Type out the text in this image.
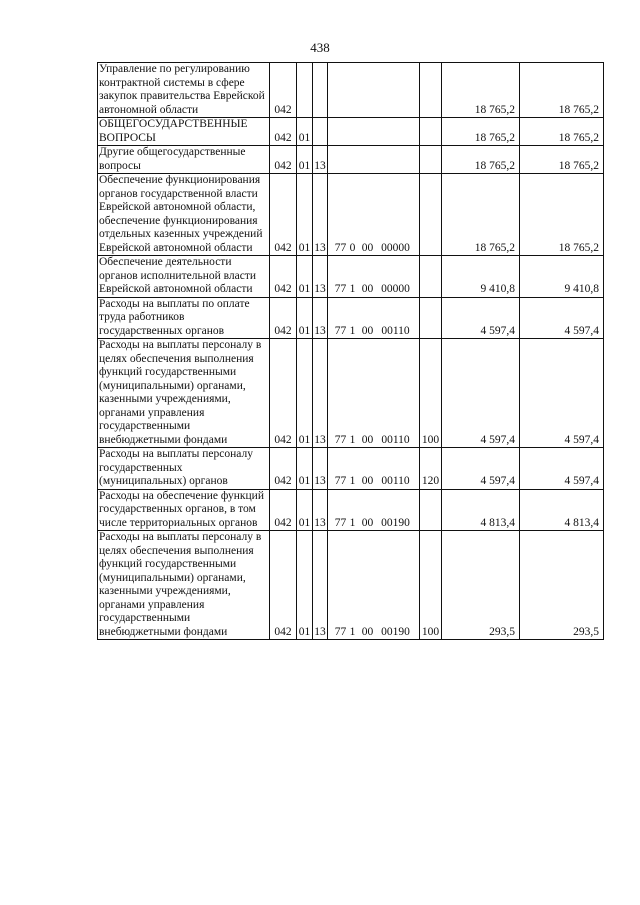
438
Управление по регулированию контрактной системы в сфере закупок правительства Еврейской автономной области	042					18 765,2	18 765,2
ОБЩЕГОСУДАРСТВЕННЫЕ ВОПРОСЫ	042	01				18 765,2	18 765,2
Другие общегосударственные вопросы	042	01	13			18 765,2	18 765,2
Обеспечение функционирования органов государственной власти Еврейской автономной области, обеспечение функционирования отдельных казенных учреждений Еврейской автономной области	042	01	13	77 0 00 00000		18 765,2	18 765,2
Обеспечение деятельности органов исполнительной власти Еврейской автономной области	042	01	13	77 1 00 00000		9 410,8	9 410,8
Расходы на выплаты по оплате труда работников государственных органов	042	01	13	77 1 00 00110		4 597,4	4 597,4
Расходы на выплаты персоналу в целях обеспечения выполнения функций государственными (муниципальными) органами, казенными учреждениями, органами управления государственными внебюджетными фондами	042	01	13	77 1 00 00110	100	4 597,4	4 597,4
Расходы на выплаты персоналу государственных (муниципальных) органов	042	01	13	77 1 00 00110	120	4 597,4	4 597,4
Расходы на обеспечение функций государственных органов, в том числе территориальных органов	042	01	13	77 1 00 00190		4 813,4	4 813,4
Расходы на выплаты персоналу в целях обеспечения выполнения функций государственными (муниципальными) органами, казенными учреждениями, органами управления государственными внебюджетными фондами	042	01	13	77 1 00 00190	100	293,5	293,5
